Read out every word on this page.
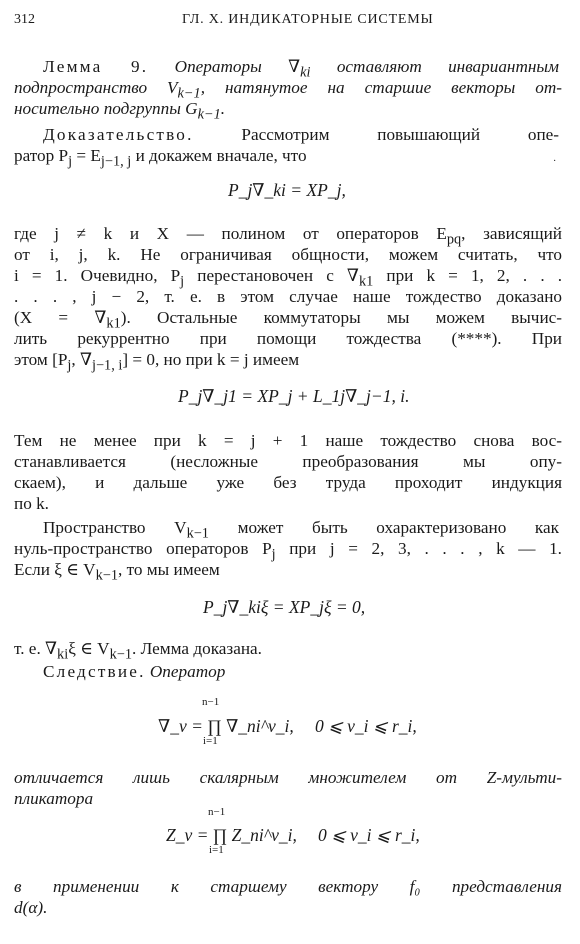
312	ГЛ. X. ИНДИКАТОРНЫЕ СИСТЕМЫ
Лемма 9. Операторы $\nabla_{ki}$ оставляют инвариантным
подпространство $V_{k-1}$, натянутое на старшие векторы от-
носительно подгруппы $G_{k-1}$.
Доказательство. Рассмотрим повышающий опе-
ратор $P_j = E_{j-1, j}$ и докажем вначале, что	·
P_j∇_ki = XP_j,
где j ≠ k и X — полином от операторов $E_{pq}$, зависящий
от i, j, k. Не ограничивая общности, можем считать, что
i = 1. Очевидно, $P_j$ перестановочен с $\nabla_{k1}$ при k = 1, 2, . . .
. . . , j − 2, т. е. в этом случае наше тождество доказано
$(X = \nabla_{k1})$. Остальные коммутаторы мы можем вычис-
лить рекуррентно при помощи тождества (****). При
этом [$P_j$, $\nabla_{j-1, i}] = 0$, но при k = j имеем
P_j∇_j1 = XP_j + L_1j∇_j−1, i.
Тем не менее при k = j + 1 наше тождество снова вос-
станавливается (несложные преобразования мы опу-
скаем), и дальше уже без труда проходит индукция
по k.
Пространство $V_{k-1}$ может быть охарактеризовано как
нуль-пространство операторов $P_j$ при j = 2, 3, . . . , k — 1.
Если ξ ∈ $V_{k-1}$, то мы имеем
P_j∇_kiξ = XP_jξ = 0,
т. е. $\nabla_{ki}\xi$ ∈ $V_{k-1}$. Лемма доказана.
Следствие. Оператор
n−1
i=1
∇_ν = ∏ ∇_ni^ν_i, 0 ⩽ ν_i ⩽ r_i,
отличается лишь скалярным множителем от Z-мульти-
пликатора
n−1
i=1
Z_ν = ∏ Z_ni^ν_i, 0 ⩽ ν_i ⩽ r_i,
в применении к старшему вектору f₀ представления
d(α).
